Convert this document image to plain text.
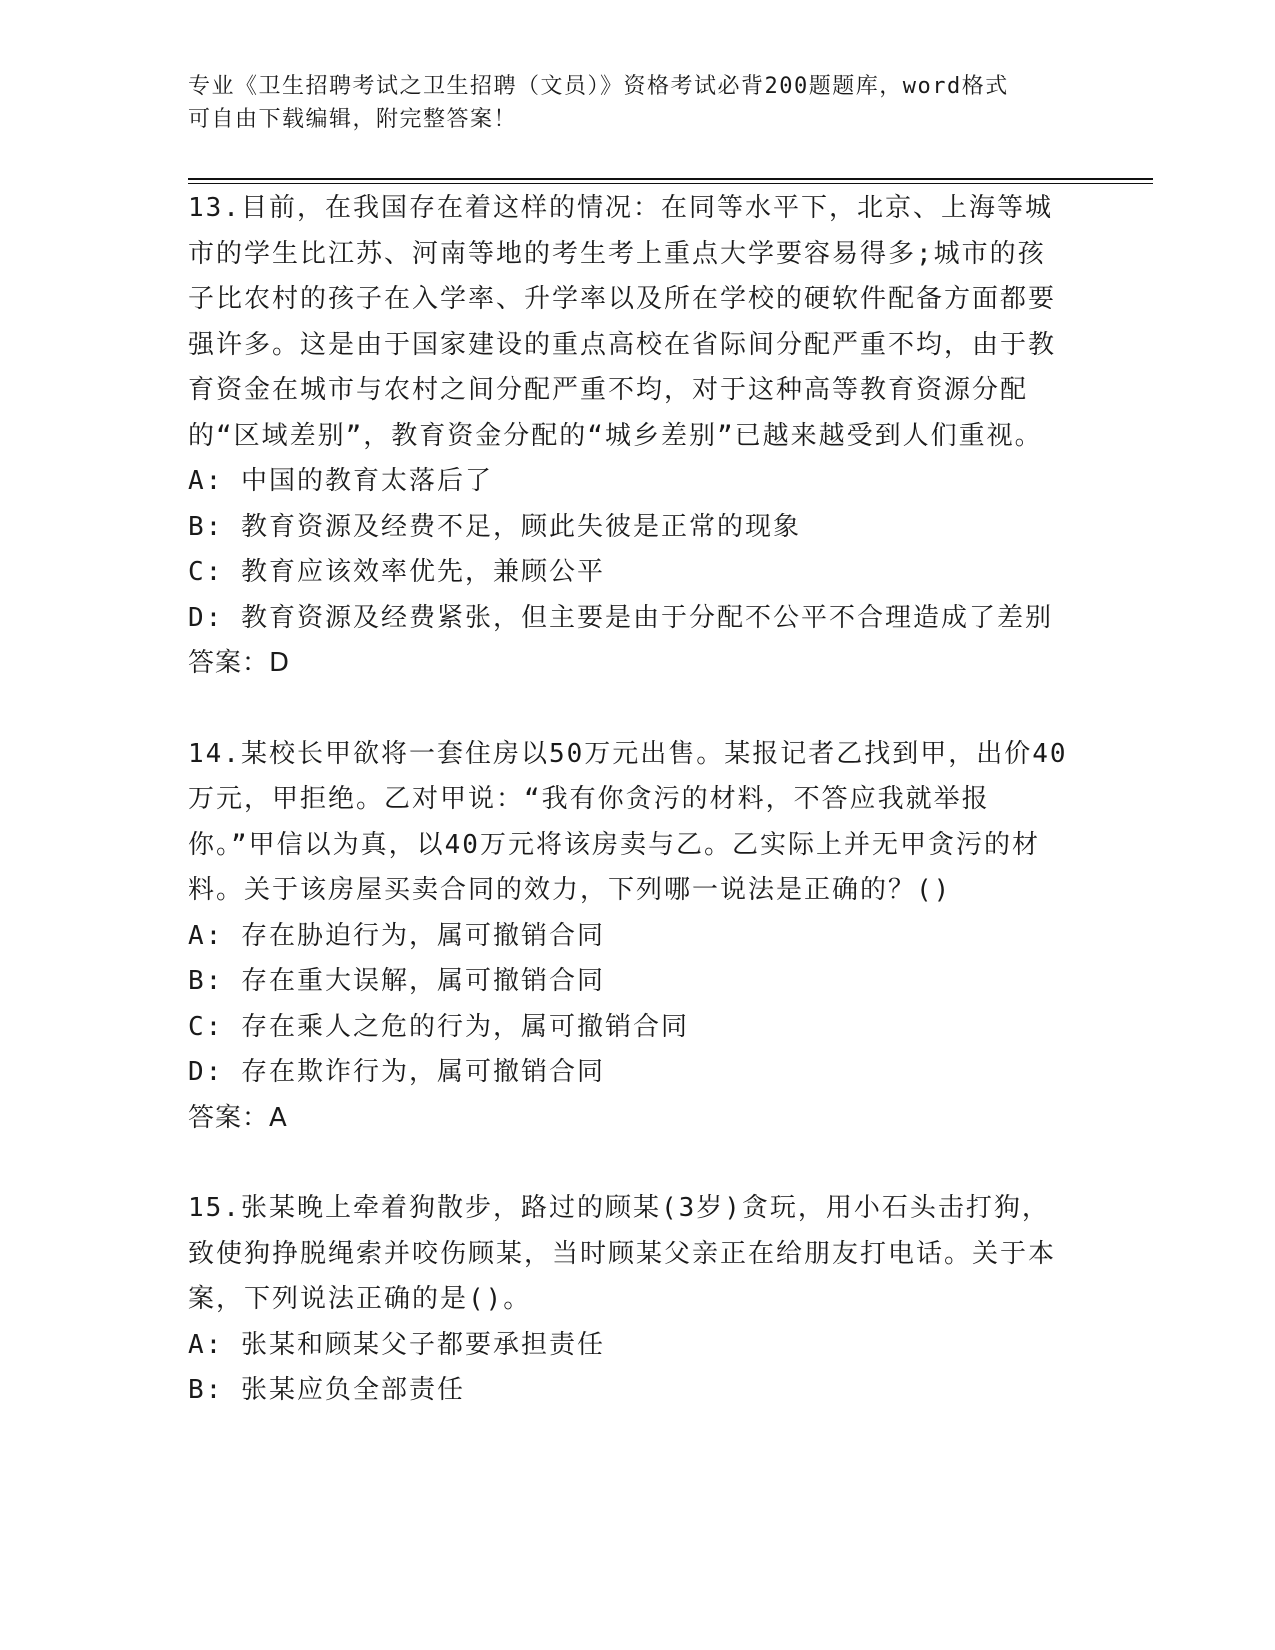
专业《卫生招聘考试之卫生招聘（文员）》资格考试必背200题题库，word格式
可自由下载编辑，附完整答案！

13.目前，在我国存在着这样的情况：在同等水平下，北京、上海等城市的学生比江苏、河南等地的考生考上重点大学要容易得多;城市的孩子比农村的孩子在入学率、升学率以及所在学校的硬软件配备方面都要强许多。这是由于国家建设的重点高校在省际间分配严重不均，由于教育资金在城市与农村之间分配严重不均，对于这种高等教育资源分配的“区域差别”，教育资金分配的“城乡差别”已越来越受到人们重视。

A: 中国的教育太落后了

B: 教育资源及经费不足，顾此失彼是正常的现象

C: 教育应该效率优先，兼顾公平

D: 教育资源及经费紧张，但主要是由于分配不公平不合理造成了差别

答案：D

14.某校长甲欲将一套住房以50万元出售。某报记者乙找到甲，出价40万元，甲拒绝。乙对甲说：“我有你贪污的材料，不答应我就举报你。”甲信以为真，以40万元将该房卖与乙。乙实际上并无甲贪污的材料。关于该房屋买卖合同的效力，下列哪一说法是正确的？()

A: 存在胁迫行为，属可撤销合同

B: 存在重大误解，属可撤销合同

C: 存在乘人之危的行为，属可撤销合同

D: 存在欺诈行为，属可撤销合同

答案：A

15.张某晚上牵着狗散步，路过的顾某(3岁)贪玩，用小石头击打狗，致使狗挣脱绳索并咬伤顾某，当时顾某父亲正在给朋友打电话。关于本案，下列说法正确的是()。

A: 张某和顾某父子都要承担责任

B: 张某应负全部责任
